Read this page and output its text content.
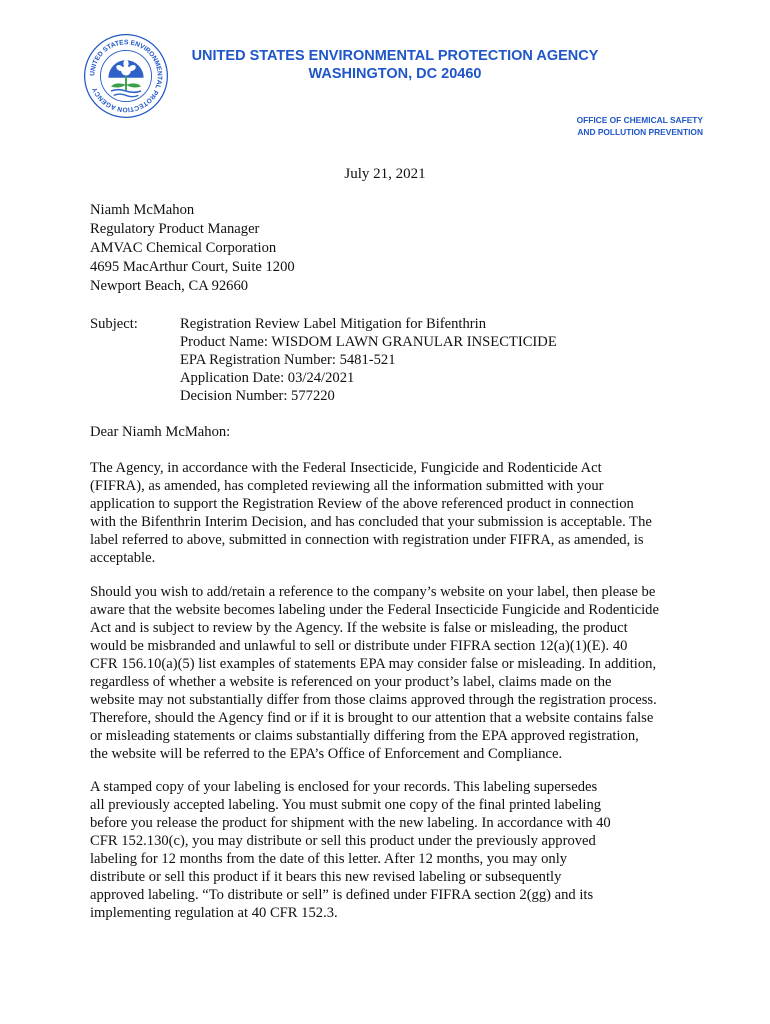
UNITED STATES ENVIRONMENTAL PROTECTION AGENCY
UNITED STATES ENVIRONMENTAL PROTECTION AGENCY
WASHINGTON, DC 20460
OFFICE OF CHEMICAL SAFETY
AND POLLUTION PREVENTION
July 21, 2021
Niamh McMahon
Regulatory Product Manager
AMVAC Chemical Corporation
4695 MacArthur Court, Suite 1200
Newport Beach, CA 92660
Subject:	Registration Review Label Mitigation for Bifenthrin
Product Name: WISDOM LAWN GRANULAR INSECTICIDE
EPA Registration Number: 5481-521
Application Date: 03/24/2021
Decision Number: 577220
Dear Niamh McMahon:
The Agency, in accordance with the Federal Insecticide, Fungicide and Rodenticide Act
(FIFRA), as amended, has completed reviewing all the information submitted with your
application to support the Registration Review of the above referenced product in connection
with the Bifenthrin Interim Decision, and has concluded that your submission is acceptable. The
label referred to above, submitted in connection with registration under FIFRA, as amended, is
acceptable.
Should you wish to add/retain a reference to the company’s website on your label, then please be
aware that the website becomes labeling under the Federal Insecticide Fungicide and Rodenticide
Act and is subject to review by the Agency. If the website is false or misleading, the product
would be misbranded and unlawful to sell or distribute under FIFRA section 12(a)(1)(E). 40
CFR 156.10(a)(5) list examples of statements EPA may consider false or misleading. In addition,
regardless of whether a website is referenced on your product’s label, claims made on the
website may not substantially differ from those claims approved through the registration process.
Therefore, should the Agency find or if it is brought to our attention that a website contains false
or misleading statements or claims substantially differing from the EPA approved registration,
the website will be referred to the EPA’s Office of Enforcement and Compliance.
A stamped copy of your labeling is enclosed for your records. This labeling supersedes
all previously accepted labeling. You must submit one copy of the final printed labeling
before you release the product for shipment with the new labeling. In accordance with 40
CFR 152.130(c), you may distribute or sell this product under the previously approved
labeling for 12 months from the date of this letter. After 12 months, you may only
distribute or sell this product if it bears this new revised labeling or subsequently
approved labeling. “To distribute or sell” is defined under FIFRA section 2(gg) and its
implementing regulation at 40 CFR 152.3.
